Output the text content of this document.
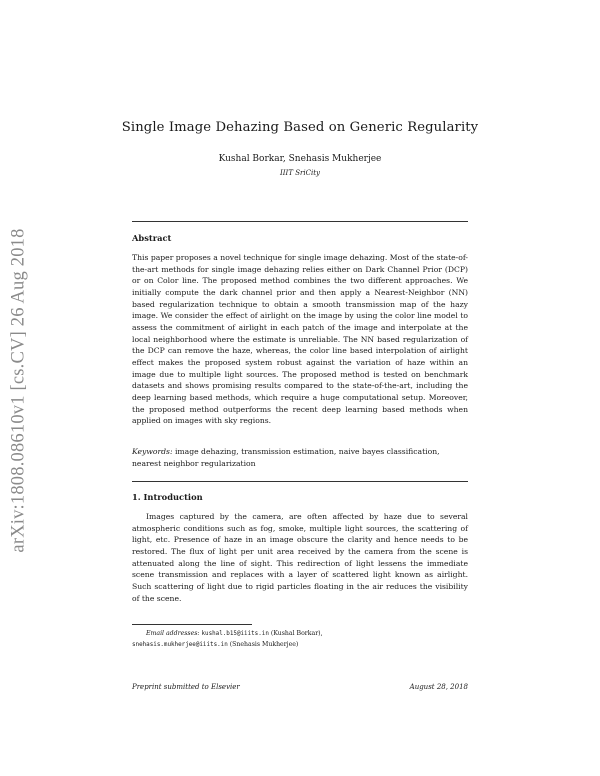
arXiv:1808.08610v1 [cs.CV] 26 Aug 2018
Single Image Dehazing Based on Generic Regularity
Kushal Borkar, Snehasis Mukherjee
IIIT SriCity
Abstract

This paper proposes a novel technique for single image dehazing. Most of the state-of-the-art methods for single image dehazing relies either on Dark Channel Prior (DCP) or on Color line. The proposed method combines the two different approaches. We initially compute the dark channel prior and then apply a Nearest-Neighbor (NN) based regularization technique to obtain a smooth transmission map of the hazy image. We consider the effect of airlight on the image by using the color line model to assess the commitment of airlight in each patch of the image and interpolate at the local neighborhood where the estimate is unreliable. The NN based regularization of the DCP can remove the haze, whereas, the color line based interpolation of airlight effect makes the proposed system robust against the variation of haze within an image due to multiple light sources. The proposed method is tested on benchmark datasets and shows promising results compared to the state-of-the-art, including the deep learning based methods, which require a huge computational setup. Moreover, the proposed method outperforms the recent deep learning based methods when applied on images with sky regions.

Keywords: image dehazing, transmission estimation, naive bayes classification, nearest neighbor regularization

1. Introduction

Images captured by the camera, are often affected by haze due to several atmospheric conditions such as fog, smoke, multiple light sources, the scattering of light, etc. Presence of haze in an image obscure the clarity and hence needs to be restored. The flux of light per unit area received by the camera from the scene is attenuated along the line of sight. This redirection of light lessens the immediate scene transmission and replaces with a layer of scattered light known as airlight. Such scattering of light due to rigid particles floating in the air reduces the visibility of the scene.

Email addresses: kushal.b15@iiits.in (Kushal Borkar),
snehasis.mukherjee@iiits.in (Snehasis Mukherjee)

Preprint submitted to Elsevier	August 28, 2018
